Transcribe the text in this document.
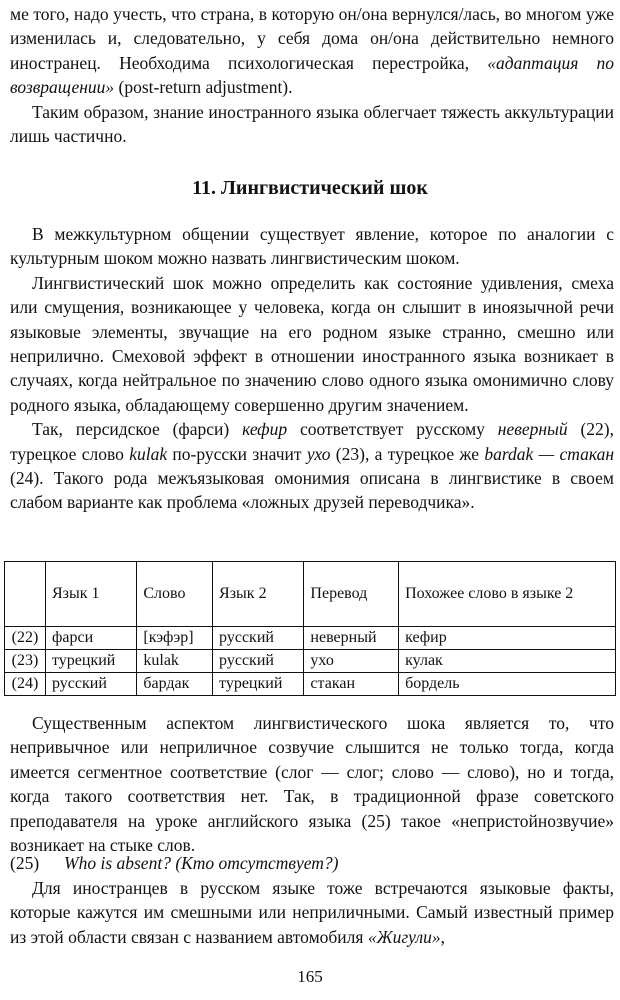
ме того, надо учесть, что страна, в которую он/она вернулся/лась, во многом уже изменилась и, следовательно, у себя дома он/она действительно немного иностранец. Необходима психологическая перестройка, «адаптация по возвращении» (post-return adjustment).

Таким образом, знание иностранного языка облегчает тяжесть аккультурации лишь частично.

11. Лингвистический шок

В межкультурном общении существует явление, которое по аналогии с культурным шоком можно назвать лингвистическим шоком.

Лингвистический шок можно определить как состояние удивления, смеха или смущения, возникающее у человека, когда он слышит в иноязычной речи языковые элементы, звучащие на его родном языке странно, смешно или неприлично. Смеховой эффект в отношении иностранного языка возникает в случаях, когда нейтральное по значению слово одного языка омонимично слову родного языка, обладающему совершенно другим значением.

Так, персидское (фарси) кефир соответствует русскому неверный (22), турецкое слово kulak по-русски значит ухо (23), а турецкое же bardak — стакан (24). Такого рода межъязыковая омонимия описана в лингвистике в своем слабом варианте как проблема «ложных друзей переводчика».

	Язык 1	Слово	Язык 2	Перевод	Похожее слово в языке 2
(22)	фарси	[кэфэр]	русский	неверный	кефир
(23)	турецкий	kulak	русский	ухо	кулак
(24)	русский	бардак	турецкий	стакан	бордель

Существенным аспектом лингвистического шока является то, что непривычное или неприличное созвучие слышится не только тогда, когда имеется сегментное соответствие (слог — слог; слово — слово), но и тогда, когда такого соответствия нет. Так, в традиционной фразе советского преподавателя на уроке английского языка (25) такое «непристойнозвучие» возникает на стыке слов.

(25) Who is absent? (Кто отсутствует?)

Для иностранцев в русском языке тоже встречаются языковые факты, которые кажутся им смешными или неприличными. Самый известный пример из этой области связан с названием автомобиля «Жигули»,

165
